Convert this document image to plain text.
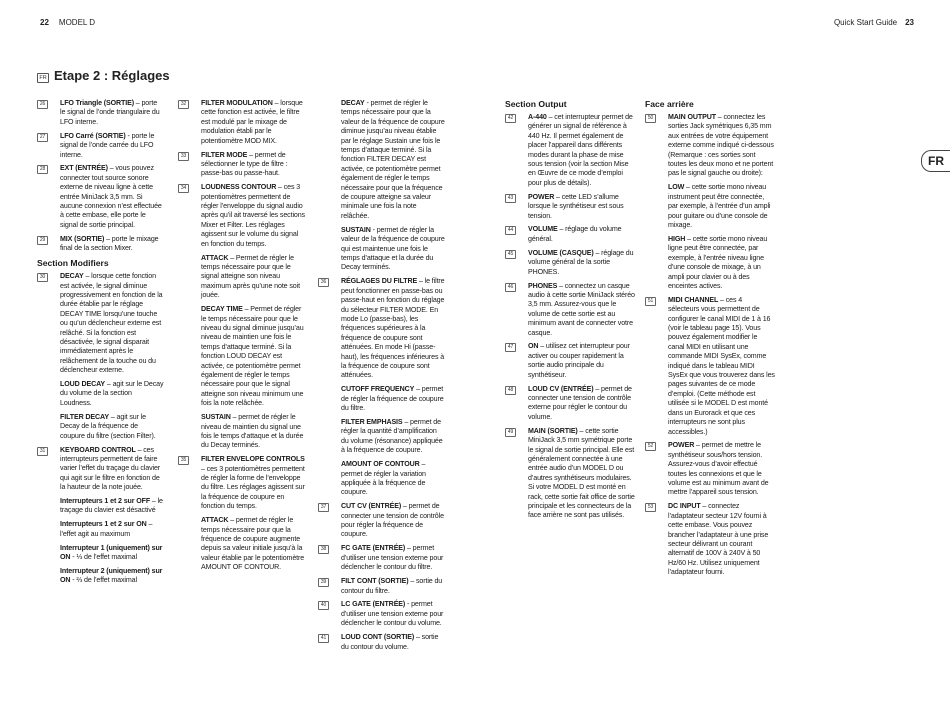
22 MODEL D	Quick Start Guide 23
FR Etape 2 : Réglages
FR
26	LFO Triangle (SORTIE) – porte le signal de l’onde triangulaire du LFO interne.
27	LFO Carré (SORTIE) - porte le signal de l’onde carrée du LFO interne.
28	EXT (ENTRÉE) – vous pouvez connecter tout source sonore externe de niveau ligne à cette entrée MiniJack 3,5 mm. Si aucune connexion n’est effectuée à cette embase, elle porte le signal de sortie principal.
29	MIX (SORTIE) – porte le mixage final de la section Mixer.
Section Modifiers
30	DECAY – lorsque cette fonction est activée, le signal diminue progressivement en fonction de la durée établie par le réglage DECAY TIME lorsqu’une touche ou qu’un déclencheur externe est relâché. Si la fonction est désactivée, le signal disparait immédiatement après le relâchement de la touche ou du déclencheur externe.
LOUD DECAY – agit sur le Decay du volume de la section Loudness.
FILTER DECAY – agit sur le Decay de la fréquence de coupure du filtre (section Filter).
31	KEYBOARD CONTROL – ces interrupteurs permettent de faire varier l’effet du traçage du clavier qui agit sur le filtre en fonction de la hauteur de la note jouée.
Interrupteurs 1 et 2 sur OFF – le traçage du clavier est désactivé
Interrupteurs 1 et 2 sur ON – l’effet agit au maximum
Interrupteur 1 (uniquement) sur ON - ⅓ de l’effet maximal
Interrupteur 2 (uniquement) sur ON - ⅔ de l’effet maximal
32	FILTER MODULATION – lorsque cette fonction est activée, le filtre est modulé par le mixage de modulation établi par le potentiomètre MOD MIX.
33	FILTER MODE – permet de sélectionner le type de filtre : passe-bas ou passe-haut.
34	LOUDNESS CONTOUR – ces 3 potentiomètres permettent de régler l’enveloppe du signal audio après qu’il ait traversé les sections Mixer et Filter. Les réglages agissent sur le volume du signal en fonction du temps.
ATTACK – Permet de régler le temps nécessaire pour que le signal atteigne son niveau maximum après qu’une note soit jouée.
DECAY TIME – Permet de régler le temps nécessaire pour que le niveau du signal diminue jusqu’au niveau de maintien une fois le temps d’attaque terminé. Si la fonction LOUD DECAY est activée, ce potentiomètre permet également de régler le temps nécessaire pour que le signal atteigne son niveau minimum une fois la note relâchée.
SUSTAIN – permet de régler le niveau de maintien du signal une fois le temps d’attaque et la durée du Decay terminés.
35	FILTER ENVELOPE CONTROLS – ces 3 potentiomètres permettent de régler la forme de l’enveloppe du filtre. Les réglages agissent sur la fréquence de coupure en fonction du temps.
ATTACK – permet de régler le temps nécessaire pour que la fréquence de coupure augmente depuis sa valeur initiale jusqu’à la valeur établie par le potentiomètre AMOUNT OF CONTOUR.
DECAY - permet de régler le temps nécessaire pour que la valeur de la fréquence de coupure diminue jusqu’au niveau établie par le réglage Sustain une fois le temps d’attaque terminé. Si la fonction FILTER DECAY est activée, ce potentiomètre permet également de régler le temps nécessaire pour que la fréquence de coupure atteigne sa valeur minimale une fois la note relâchée.
SUSTAIN - permet de régler la valeur de la fréquence de coupure qui est maintenue une fois le temps d’attaque et la durée du Decay terminés.
36	RÉGLAGES DU FILTRE – le filtre peut fonctionner en passe-bas ou passe-haut en fonction du réglage du sélecteur FILTER MODE. En mode Lo (passe-bas), les fréquences supérieures à la fréquence de coupure sont atténuées. En mode Hi (passe-haut), les fréquences inférieures à la fréquence de coupure sont atténuées.
CUTOFF FREQUENCY – permet de régler la fréquence de coupure du filtre.
FILTER EMPHASIS – permet de régler la quantité d’amplification du volume (résonance) appliquée à la fréquence de coupure.
AMOUNT OF CONTOUR – permet de régler la variation appliquée à la fréquence de coupure.
37	CUT CV (ENTRÉE) – permet de connecter une tension de contrôle pour régler la fréquence de coupure.
38	FC GATE (ENTRÉE) – permet d’utiliser une tension externe pour déclencher le contour du filtre.
39	FILT CONT (SORTIE) – sortie du contour du filtre.
40	LC GATE (ENTRÉE) - permet d’utiliser une tension externe pour déclencher le contour du volume.
41	LOUD CONT (SORTIE) – sortie du contour du volume.
Section Output
42	A-440 – cet interrupteur permet de générer un signal de référence à 440 Hz. Il permet également de placer l’appareil dans différents modes durant la phase de mise sous tension (voir la section Mise en Œuvre de ce mode d’emploi pour plus de détails).
43	POWER – cette LED s’allume lorsque le synthétiseur est sous tension.
44	VOLUME – réglage du volume général.
45	VOLUME (CASQUE) – réglage du volume général de la sortie PHONES.
46	PHONES – connectez un casque audio à cette sortie MiniJack stéréo 3,5 mm. Assurez-vous que le volume de cette sortie est au minimum avant de connecter votre casque.
47	ON – utilisez cet interrupteur pour activer ou couper rapidement la sortie audio principale du synthétiseur.
48	LOUD CV (ENTRÉE) – permet de connecter une tension de contrôle externe pour régler le contour du volume.
49	MAIN (SORTIE) – cette sortie MiniJack 3,5 mm symétrique porte le signal de sortie principal. Elle est généralement connectée à une entrée audio d’un MODEL D ou d’autres synthétiseurs modulaires. Si votre MODEL D est monté en rack, cette sortie fait office de sortie principale et les connecteurs de la face arrière ne sont pas utilisés.
Face arrière
50	MAIN OUTPUT – connectez les sorties Jack symétriques 6,35 mm aux entrées de votre équipement externe comme indiqué ci-dessous (Remarque : ces sorties sont toutes les deux mono et ne portent pas le signal gauche ou droite):
LOW – cette sortie mono niveau instrument peut être connectée, par exemple, à l’entrée d’un ampli pour guitare ou d’une console de mixage.
HIGH – cette sortie mono niveau ligne peut être connectée, par exemple, à l’entrée niveau ligne d’une console de mixage, à un ampli pour clavier ou à des enceintes actives.
51	MIDI CHANNEL – ces 4 sélecteurs vous permettent de configurer le canal MIDI de 1 à 16 (voir le tableau page 15). Vous pouvez également modifier le canal MIDI en utilisant une commande MIDI SysEx, comme indiqué dans le tableau MIDI SysEx que vous trouverez dans les pages suivantes de ce mode d’emploi. (Cette méthode est utilisée si le MODEL D est monté dans un Eurorack et que ces interrupteurs ne sont plus accessibles.)
52	POWER – permet de mettre le synthétiseur sous/hors tension. Assurez-vous d’avoir effectué toutes les connexions et que le volume est au minimum avant de mettre l’appareil sous tension.
53	DC INPUT – connectez l’adaptateur secteur 12V fourni à cette embase. Vous pouvez brancher l’adaptateur à une prise secteur délivrant un courant alternatif de 100V à 240V à 50 Hz/60 Hz. Utilisez uniquement l’adaptateur fourni.
